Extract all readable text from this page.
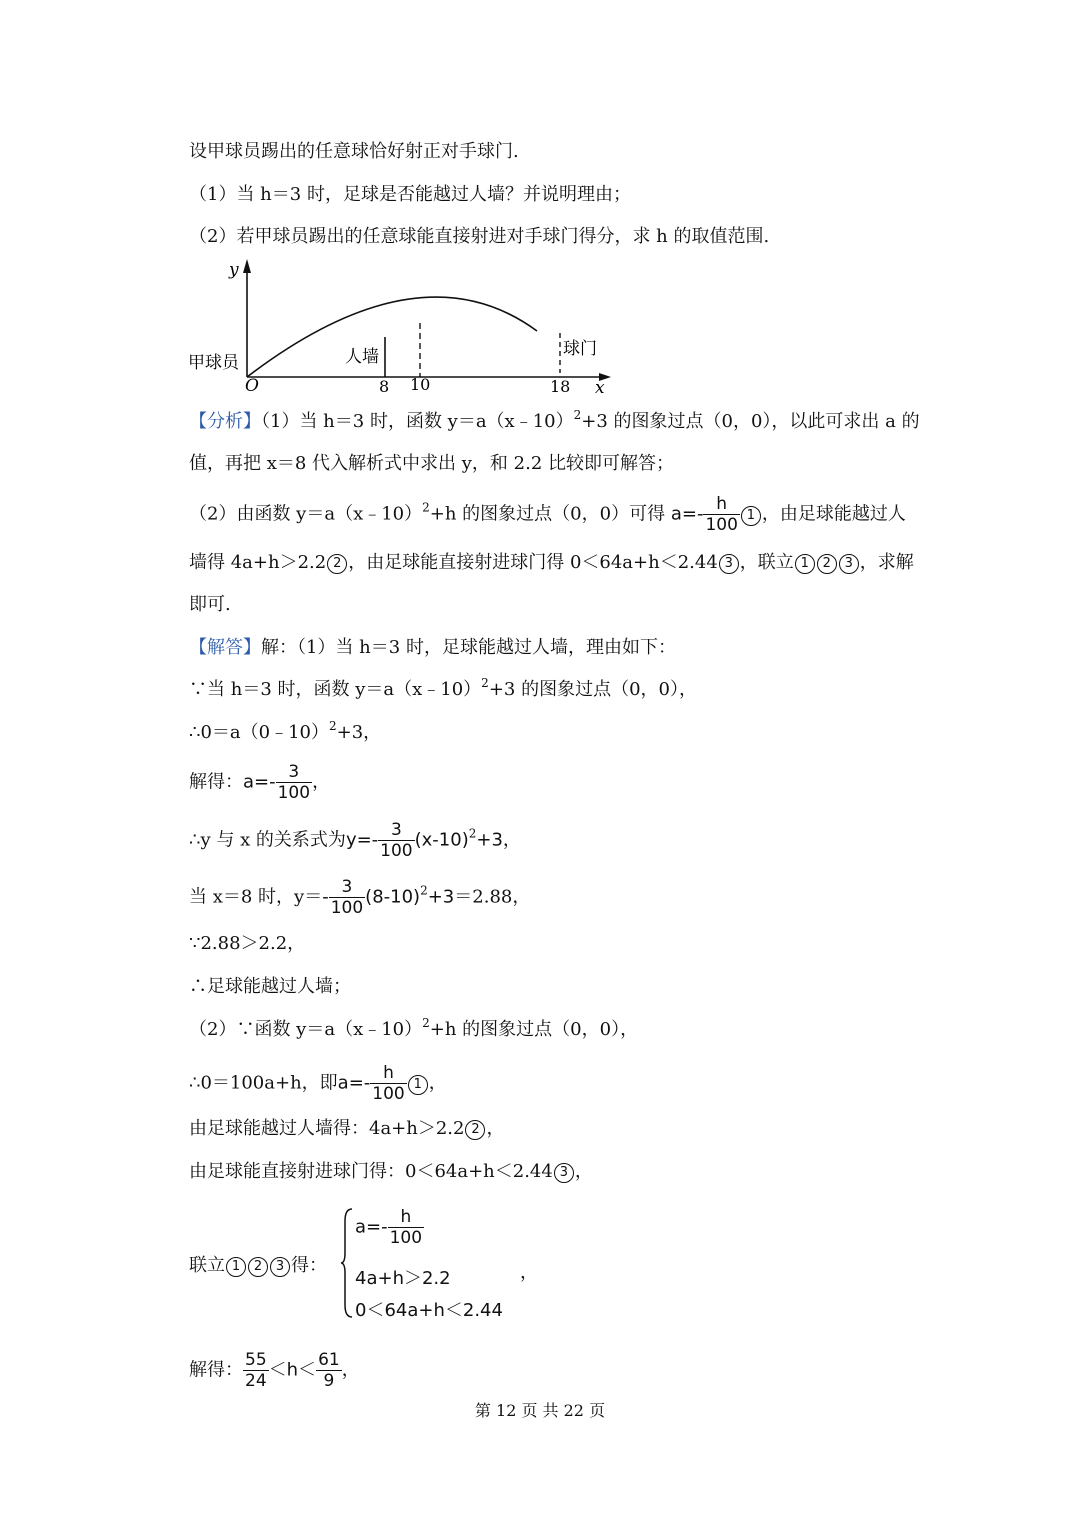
设甲球员踢出的任意球恰好射正对手球门.
（1）当 h＝3 时，足球是否能越过人墙？并说明理由；
（2）若甲球员踢出的任意球能直接射进对手球门得分，求 h 的取值范围.
y
x
O
甲球员	人墙	球门
8 10	18
【分析】（1）当 h＝3 时，函数 y＝a（x﹣10）$^2$+3 的图象过点（0，0），以此可求出 a 的
值，再把 x＝8 代入解析式中求出 y，和 2.2 比较即可解答；
（2）由函数 y＝a（x﹣10）$^2$+h 的图象过点（0，0）可得 $a=- \frac{h}{100} 1$ ，由足球能越过人
墙得 4a+h＞2.2 2 ，由足球能直接射进球门得 0＜64a+h＜2.44 3 ，联立 1 2 3 ，求解
即可.
【解答】解：（1）当 h＝3 时，足球能越过人墙，理由如下：
∵当 h＝3 时，函数 y＝a（x﹣10）$^2$+3 的图象过点（0，0），
∴0＝a（0﹣10）$^2$+3，
解得：$a=- \frac{3}{100}$ ，
∴y 与 x 的关系式为$y=- \frac{3}{100} (x-10)^2+3$，
当 x＝8 时，$y=- \frac{3}{100} (8-10)^2+3=2.88$，
∵2.88＞2.2，
∴足球能越过人墙；
（2）∵函数 y＝a（x﹣10）$^2$+h 的图象过点（0，0），
∴0＝100a+h，即$a=- \frac{h}{100} 1$ ，
由足球能越过人墙得：4a+h＞2.2 2 ，
由足球能直接射进球门得：0＜64a+h＜2.44 3 ，
联立 1 2 3 得：
$a=- \frac{h}{100}$
4a+h＞2.2
0＜64a+h＜2.44
，
解得： $\frac{55}{24} <h< \frac{61}{9}$ ，
第 12 页 共 22 页
